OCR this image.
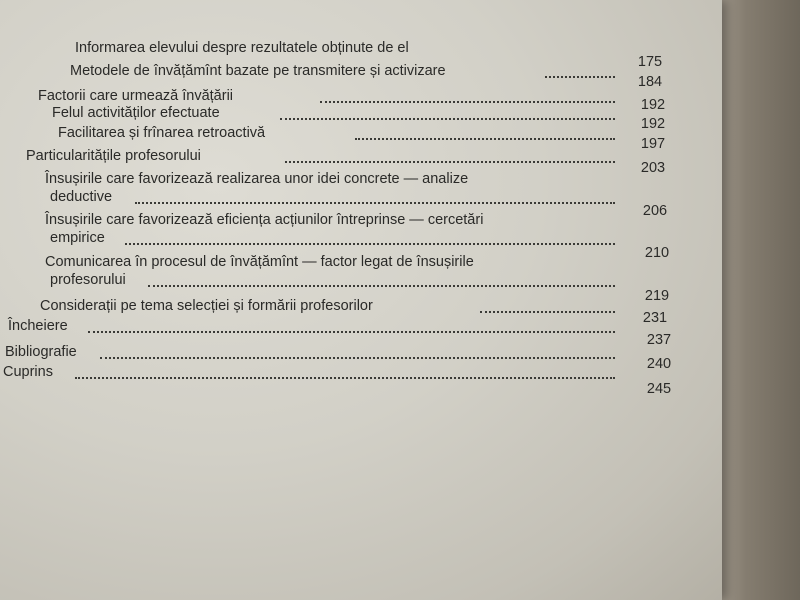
Informarea elevului despre rezultatele obținute de el
175
Metodele de învățămînt bazate pe transmitere și activizare
184
Factorii care urmează învățării
192
Felul activităților efectuate
192
Facilitarea și frînarea retroactivă
197
Particularitățile profesorului
203
Însușirile care favorizează realizarea unor idei concrete — analize
206
deductive
Însușirile care favorizează eficiența acțiunilor întreprinse — cercetări
210
empirice
Comunicarea în procesul de învățămînt — factor legat de însușirile
219
profesorului
Considerații pe tema selecției și formării profesorilor
231
Încheiere
237
Bibliografie
240
Cuprins
245
